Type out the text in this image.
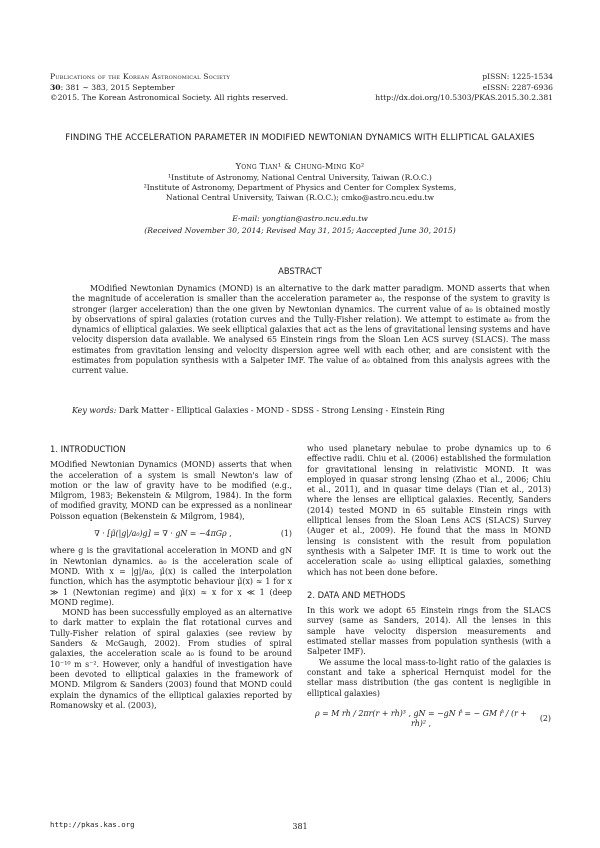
Publications of the Korean Astronomical Society
30: 381 ∼ 383, 2015 September
©2015. The Korean Astronomical Society. All rights reserved.
pISSN: 1225-1534
eISSN: 2287-6936
http://dx.doi.org/10.5303/PKAS.2015.30.2.381
FINDING THE ACCELERATION PARAMETER IN MODIFIED NEWTONIAN DYNAMICS WITH ELLIPTICAL GALAXIES
Yong Tian¹ & Chung-Ming Ko²
¹Institute of Astronomy, National Central University, Taiwan (R.O.C.)
²Institute of Astronomy, Department of Physics and Center for Complex Systems,
National Central University, Taiwan (R.O.C.); cmko@astro.ncu.edu.tw
E-mail: yongtian@astro.ncu.edu.tw
(Received November 30, 2014; Revised May 31, 2015; Aaccepted June 30, 2015)
ABSTRACT
MOdified Newtonian Dynamics (MOND) is an alternative to the dark matter paradigm. MOND asserts that when the magnitude of acceleration is smaller than the acceleration parameter a₀, the response of the system to gravity is stronger (larger acceleration) than the one given by Newtonian dynamics. The current value of a₀ is obtained mostly by observations of spiral galaxies (rotation curves and the Tully-Fisher relation). We attempt to estimate a₀ from the dynamics of elliptical galaxies. We seek elliptical galaxies that act as the lens of gravitational lensing systems and have velocity dispersion data available. We analysed 65 Einstein rings from the Sloan Len ACS survey (SLACS). The mass estimates from gravitation lensing and velocity dispersion agree well with each other, and are consistent with the estimates from population synthesis with a Salpeter IMF. The value of a₀ obtained from this analysis agrees with the current value.
Key words: Dark Matter - Elliptical Galaxies - MOND - SDSS - Strong Lensing - Einstein Ring
1. INTRODUCTION

MOdified Newtonian Dynamics (MOND) asserts that when the acceleration of a system is small Newton's law of motion or the law of gravity have to be modified (e.g., Milgrom, 1983; Bekenstein & Milgrom, 1984). In the form of modified gravity, MOND can be expressed as a nonlinear Poisson equation (Bekenstein & Milgrom, 1984),

∇ · [μ̃(|g|/a₀)g] = ∇ · gN = −4πGρ ,	(1)

where g is the gravitational acceleration in MOND and gN in Newtonian dynamics. a₀ is the acceleration scale of MOND. With x = |g|/a₀, μ̃(x) is called the interpolation function, which has the asymptotic behaviour μ̃(x) ≈ 1 for x ≫ 1 (Newtonian regime) and μ̃(x) ≈ x for x ≪ 1 (deep MOND regime).

MOND has been successfully employed as an alternative to dark matter to explain the flat rotational curves and Tully-Fisher relation of spiral galaxies (see review by Sanders & McGaugh, 2002). From studies of spiral galaxies, the acceleration scale a₀ is found to be around 10⁻¹⁰ m s⁻². However, only a handful of investigation have been devoted to elliptical galaxies in the framework of MOND. Milgrom & Sanders (2003) found that MOND could explain the dynamics of the elliptical galaxies reported by Romanowsky et al. (2003),

who used planetary nebulae to probe dynamics up to 6 effective radii. Chiu et al. (2006) established the formulation for gravitational lensing in relativistic MOND. It was employed in quasar strong lensing (Zhao et al., 2006; Chiu et al., 2011), and in quasar time delays (Tian et al., 2013) where the lenses are elliptical galaxies. Recently, Sanders (2014) tested MOND in 65 suitable Einstein rings with elliptical lenses from the Sloan Lens ACS (SLACS) Survey (Auger et al., 2009). He found that the mass in MOND lensing is consistent with the result from population synthesis with a Salpeter IMF. It is time to work out the acceleration scale a₀ using elliptical galaxies, something which has not been done before.

2. DATA AND METHODS

In this work we adopt 65 Einstein rings from the SLACS survey (same as Sanders, 2014). All the lenses in this sample have velocity dispersion measurements and estimated stellar masses from population synthesis (with a Salpeter IMF).

We assume the local mass-to-light ratio of the galaxies is constant and take a spherical Hernquist model for the stellar mass distribution (the gas content is negligible in elliptical galaxies)

ρ = M rh / 2πr(r + rh)³ , gN = −gN r̂ = − GM r̂ / (r + rh)² ,
(2)
http://pkas.kas.org	381
